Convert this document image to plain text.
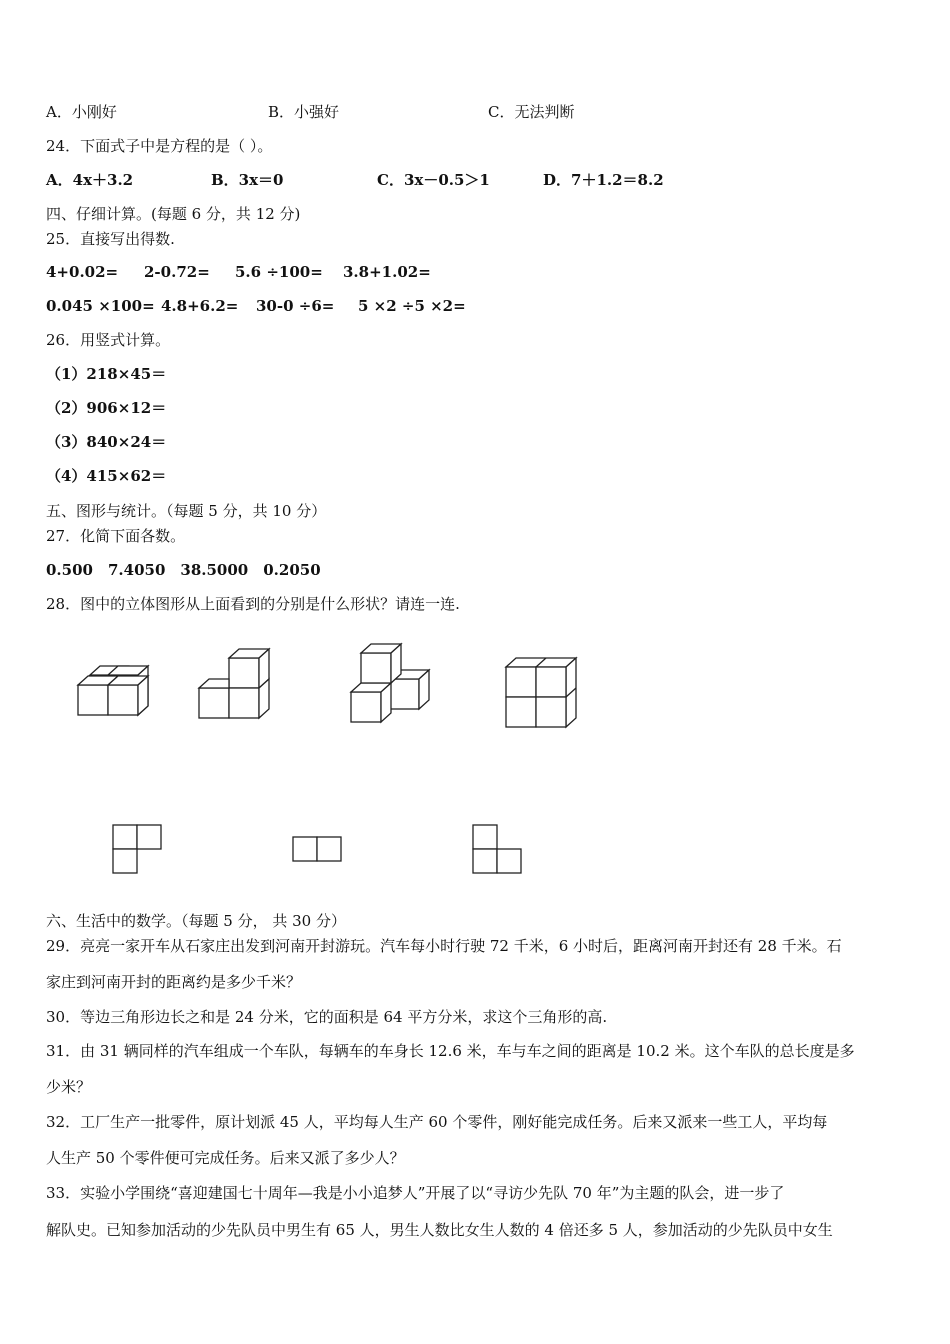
A．小刚好	B．小强好	C．无法判断
24．下面式子中是方程的是（ ）。
A．4x＋3.2	B．3x＝0	C．3x－0.5＞1	D．7＋1.2＝8.2
四、仔细计算。(每题 6 分，共 12 分)
25．直接写出得数.
4+0.02= 2-0.72= 5.6 ÷100= 3.8+1.02=
0.045 ×100= 4.8+6.2= 30-0 ÷6= 5 ×2 ÷5 ×2=
26．用竖式计算。
（1）218×45＝
（2）906×12＝
（3）840×24＝
（4）415×62＝
五、图形与统计。（每题 5 分，共 10 分）
27．化简下面各数。
0.500　7.4050　38.5000　0.2050
28．图中的立体图形从上面看到的分别是什么形状？请连一连.
六、生活中的数学。（每题 5 分， 共 30 分）
29．亮亮一家开车从石家庄出发到河南开封游玩。汽车每小时行驶 72 千米，6 小时后，距离河南开封还有 28 千米。石
家庄到河南开封的距离约是多少千米？
30．等边三角形边长之和是 24 分米，它的面积是 64 平方分米，求这个三角形的高.
31．由 31 辆同样的汽车组成一个车队，每辆车的车身长 12.6 米，车与车之间的距离是 10.2 米。这个车队的总长度是多
少米？
32．工厂生产一批零件，原计划派 45 人，平均每人生产 60 个零件，刚好能完成任务。后来又派来一些工人，平均每
人生产 50 个零件便可完成任务。后来又派了多少人？
33．实验小学围绕“喜迎建国七十周年—我是小小追梦人”开展了以“寻访少先队 70 年”为主题的队会，进一步了
解队史。已知参加活动的少先队员中男生有 65 人，男生人数比女生人数的 4 倍还多 5 人，参加活动的少先队员中女生
